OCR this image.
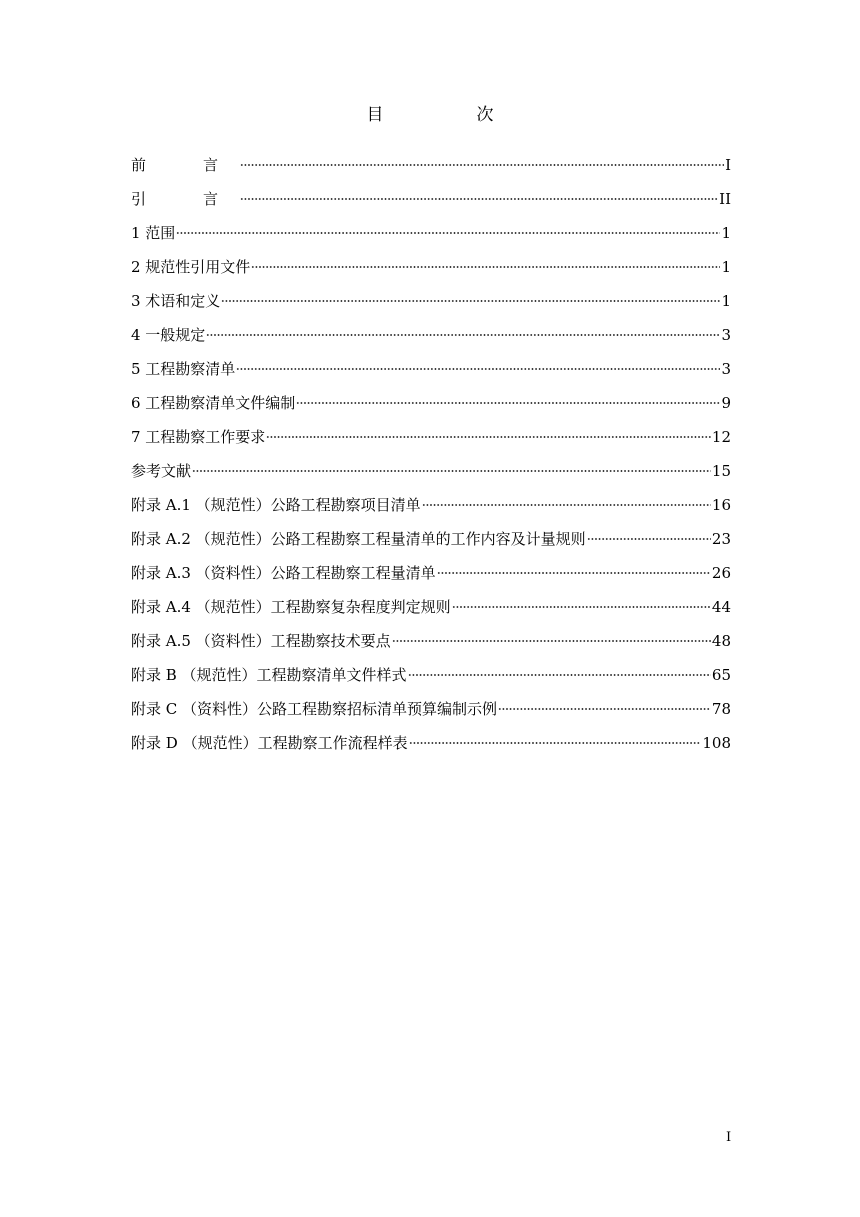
目　次
前　言	I
引　言	II
1 范围	1
2 规范性引用文件	1
3 术语和定义	1
4 一般规定	3
5 工程勘察清单	3
6 工程勘察清单文件编制	9
7 工程勘察工作要求	12
参考文献	15
附录 A.1 （规范性）公路工程勘察项目清单	16
附录 A.2 （规范性）公路工程勘察工程量清单的工作内容及计量规则	23
附录 A.3 （资料性）公路工程勘察工程量清单	26
附录 A.4 （规范性）工程勘察复杂程度判定规则	44
附录 A.5 （资料性）工程勘察技术要点	48
附录 B （规范性）工程勘察清单文件样式	65
附录 C （资料性）公路工程勘察招标清单预算编制示例	78
附录 D （规范性）工程勘察工作流程样表	108
I
